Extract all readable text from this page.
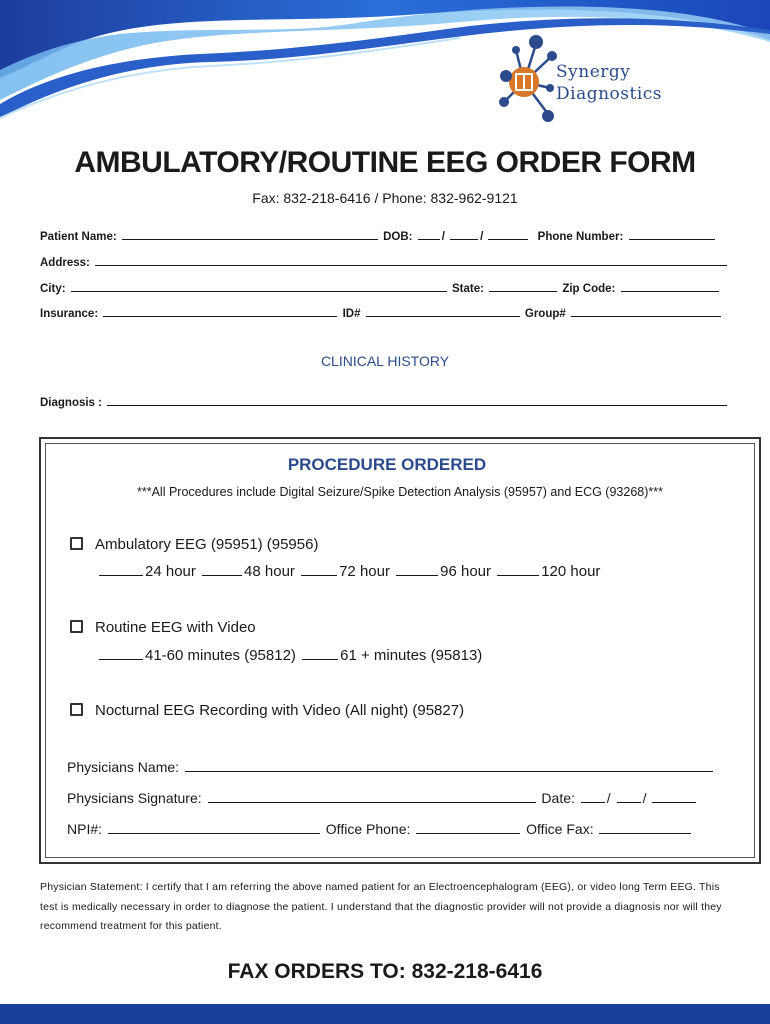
Synergy
Diagnostics
AMBULATORY/ROUTINE EEG ORDER FORM
Fax: 832-218-6416 / Phone: 832-962-9121
Patient Name:	DOB:	/	/	Phone Number:
Address:
City:	State:	Zip Code:
Insurance:	ID#	Group#
CLINICAL HISTORY
Diagnosis :
PROCEDURE ORDERED
***All Procedures include Digital Seizure/Spike Detection Analysis (95957) and ECG (93268)***
Ambulatory EEG (95951) (95956)
24 hour	48 hour	72 hour	96 hour	120 hour
Routine EEG with Video
41-60 minutes (95812)	61 + minutes (95813)
Nocturnal EEG Recording with Video (All night) (95827)
Physicians Name:
Physicians Signature:	Date: / /
NPI#:	Office Phone:	Office Fax:
Physician Statement: I certify that I am referring the above named patient for an Electroencephalogram (EEG), or video long Term EEG. This test is medically necessary in order to diagnose the patient. I understand that the diagnostic provider will not provide a diagnosis nor will they recommend treatment for this patient.
FAX ORDERS TO: 832-218-6416
